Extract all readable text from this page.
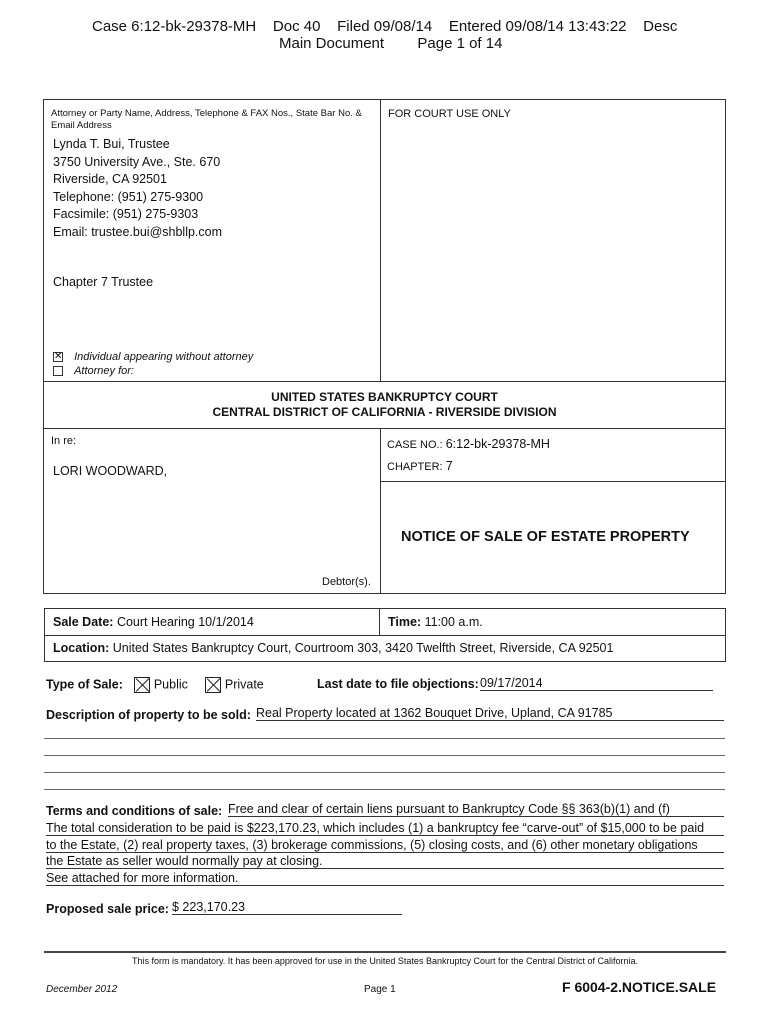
Case 6:12-bk-29378-MH    Doc 40    Filed 09/08/14    Entered 09/08/14 13:43:22    Desc
Main Document        Page 1 of 14
Attorney or Party Name, Address, Telephone & FAX Nos., State Bar No. & Email Address
Lynda T. Bui, Trustee
3750 University Ave., Ste. 670
Riverside, CA 92501
Telephone: (951) 275-9300
Facsimile: (951) 275-9303
Email: trustee.bui@shbllp.com
Chapter 7 Trustee
✕ Individual appearing without attorney
Attorney for:
FOR COURT USE ONLY
UNITED STATES BANKRUPTCY COURT
CENTRAL DISTRICT OF CALIFORNIA - RIVERSIDE DIVISION
In re:
LORI WOODWARD,
Debtor(s).
CASE NO.: 6:12-bk-29378-MH
CHAPTER: 7
NOTICE OF SALE OF ESTATE PROPERTY
Sale Date: Court Hearing 10/1/2014	Time: 11:00 a.m.
Location: United States Bankruptcy Court, Courtroom 303, 3420 Twelfth Street, Riverside, CA 92501
Type of Sale: Public	Private	Last date to file objections: 09/17/2014
Description of property to be sold: Real Property located at 1362 Bouquet Drive, Upland, CA 91785
Terms and conditions of sale: Free and clear of certain liens pursuant to Bankruptcy Code §§ 363(b)(1) and (f)
The total consideration to be paid is $223,170.23, which includes (1) a bankruptcy fee “carve-out” of $15,000 to be paid
to the Estate, (2) real property taxes, (3) brokerage commissions, (5) closing costs, and (6) other monetary obligations
the Estate as seller would normally pay at closing.
See attached for more information.
Proposed sale price: $ 223,170.23
This form is mandatory. It has been approved for use in the United States Bankruptcy Court for the Central District of California.
December 2012	Page 1	F 6004-2.NOTICE.SALE
